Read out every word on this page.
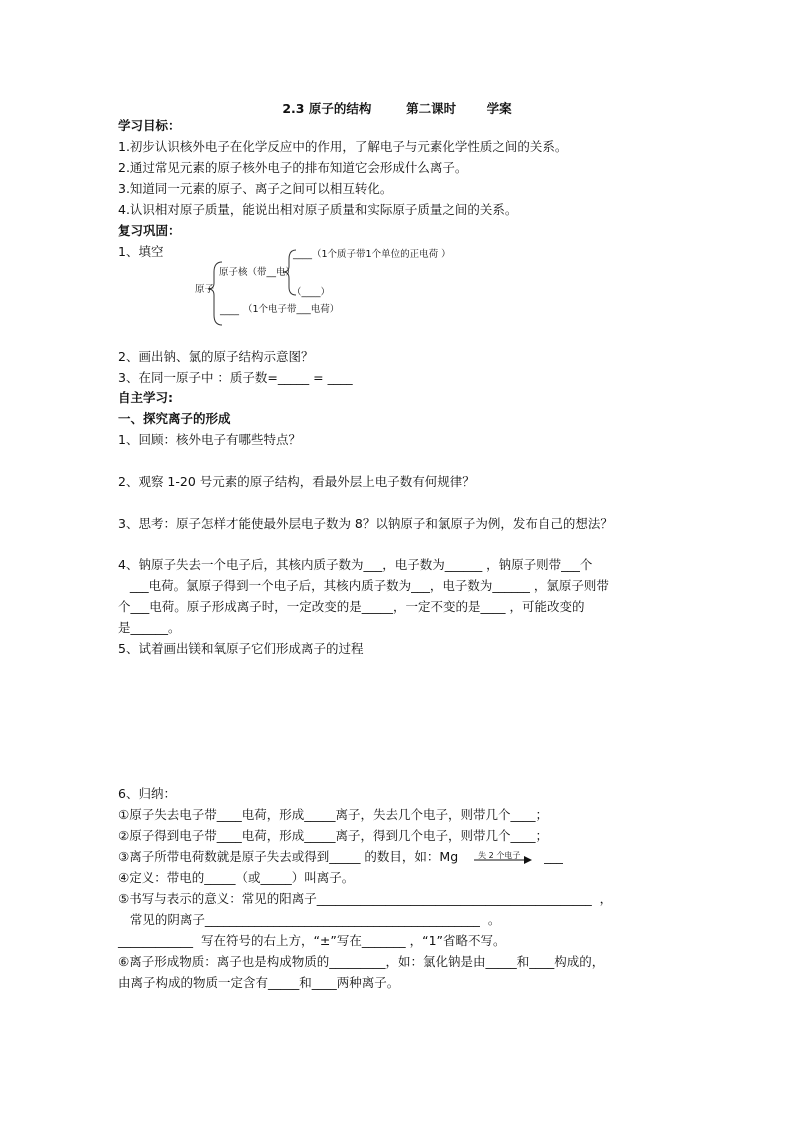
2.3 原子的结构        第二课时       学案
学习目标：
1.初步认识核外电子在化学反应中的作用，了解电子与元素化学性质之间的关系。
2.通过常见元素的原子核外电子的排布知道它会形成什么离子。
3.知道同一元素的原子、离子之间可以相互转化。
4.认识相对原子质量，能说出相对原子质量和实际原子质量之间的关系。
复习巩固：
1、填空
原子
原子核（带__电）
____ （1个质子带1个单位的正电荷 ）
（____）
____ （1个电子带___电荷）
2、画出钠、氯的原子结构示意图？
3、在同一原子中 ：质子数=_____ = ____
自主学习:
一、探究离子的形成
1、回顾：核外电子有哪些特点？
2、观察 1-20 号元素的原子结构，看最外层上电子数有何规律？
3、思考：原子怎样才能使最外层电子数为 8？以钠原子和氯原子为例，发布自己的想法？
4、钠原子失去一个电子后，其核内质子数为___，电子数为______ ，钠原子则带___个
___电荷。氯原子得到一个电子后，其核内质子数为___，电子数为______ ，氯原子则带
个___电荷。原子形成离子时，一定改变的是_____，一定不变的是____ ，可能改变的
是______。
5、试着画出镁和氧原子它们形成离子的过程
6、归纳：
①原子失去电子带____电荷，形成_____离子，失去几个电子，则带几个____；
②原子得到电子带____电荷，形成_____离子，得到几个电子，则带几个____；
③离子所带电荷数就是原子失去或得到_____ 的数目，如：Mg 失 2 个电子 ___
④定义：带电的_____（或_____）叫离子。
⑤书写与表示的意义：常见的阳离子____________________________________________  ，
常见的阴离子____________________________________________  。
____________  写在符号的右上方，“±”写在_______ ，“1”省略不写。
⑥离子形成物质：离子也是构成物质的_________，如：氯化钠是由_____和____构成的，
由离子构成的物质一定含有_____和____两种离子。
